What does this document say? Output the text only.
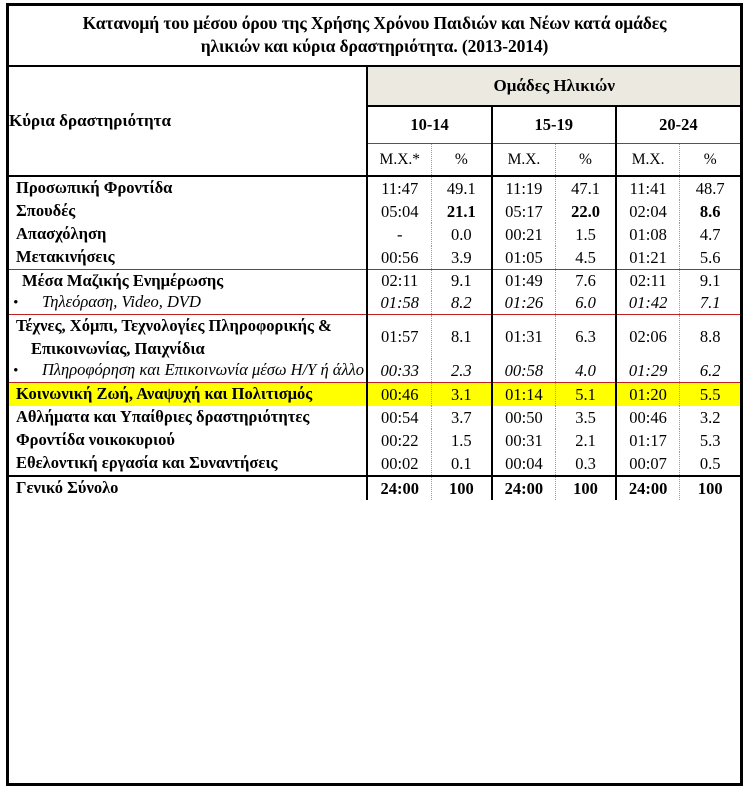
Κατανομή του μέσου όρου της Χρήσης Χρόνου Παιδιών και Νέων κατά ομάδες
ηλικιών και κύρια δραστηριότητα. (2013-2014)
Κύρια δραστηριότητα	Ομάδες Ηλικιών					
	10-14		15-19		20-24	
	Μ.Χ.*	%	Μ.Χ.	%	Μ.Χ.	%
Προσωπική Φροντίδα	11:47	49.1	11:19	47.1	11:41	48.7
Σπουδές	05:04	21.1	05:17	22.0	02:04	8.6
Απασχόληση	-	0.0	00:21	1.5	01:08	4.7
Μετακινήσεις	00:56	3.9	01:05	4.5	01:21	5.6
Μέσα Μαζικής Ενημέρωσης	02:11	9.1	01:49	7.6	02:11	9.1
• Τηλεόραση, Video, DVD	01:58	8.2	01:26	6.0	01:42	7.1
Τέχνες, Χόμπι, Τεχνολογίες Πληροφορικής & Επικοινωνίας, Παιχνίδια	01:57	8.1	01:31	6.3	02:06	8.8
• Πληροφόρηση και Επικοινωνία μέσω Η/Υ ή άλλο	00:33	2.3	00:58	4.0	01:29	6.2
Κοινωνική Ζωή, Αναψυχή και Πολιτισμός	00:46	3.1	01:14	5.1	01:20	5.5
Αθλήματα και Υπαίθριες δραστηριότητες	00:54	3.7	00:50	3.5	00:46	3.2
Φροντίδα νοικοκυριού	00:22	1.5	00:31	2.1	01:17	5.3
Εθελοντική εργασία και Συναντήσεις	00:02	0.1	00:04	0.3	00:07	0.5
Γενικό Σύνολο	24:00	100	24:00	100	24:00	100
